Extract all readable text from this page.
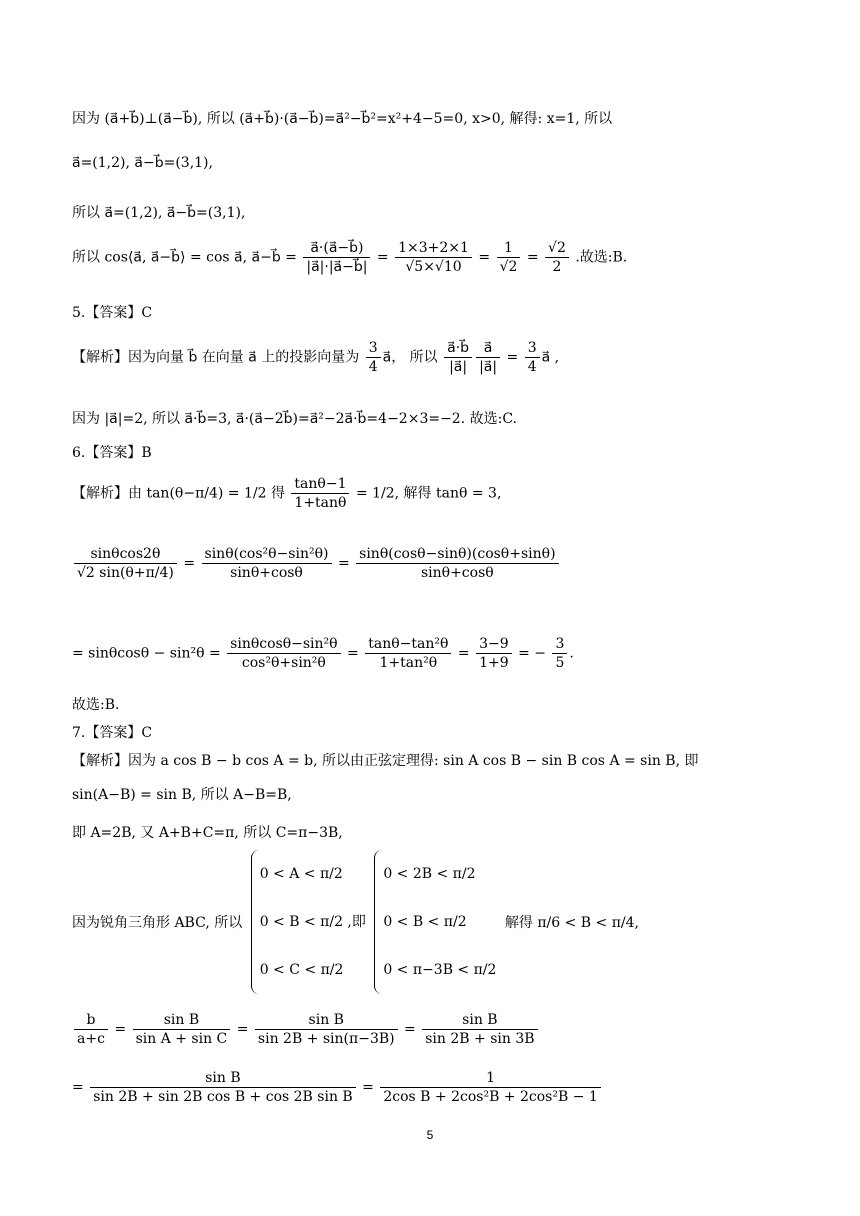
因为 (a⃗+b⃗)⊥(a⃗−b⃗), 所以 (a⃗+b⃗)·(a⃗−b⃗)=a⃗²−b⃗²=x²+4−5=0, x>0, 解得: x=1, 所以
a⃗=(1,2), a⃗−b⃗=(3,1),
所以 a⃗=(1,2), a⃗−b⃗=(3,1),
所以 cos⟨a⃗, a⃗−b⃗⟩ = cos a⃗, a⃗−b⃗ = $\frac{a⃗\cdot(a⃗-b⃗)}{|a⃗|\cdot|a⃗-b⃗|} = \frac{1\times 3+2\times 1}{√5\times√10} = \frac{1}{√2} = \frac{√2}{2}$ .故选:B.
5.【答案】C
【解析】因为向量 b⃗ 在向量 a⃗ 上的投影向量为 $\frac{3}{4}$ a⃗， 所以 $\frac{a⃗\cdot b⃗}{|a⃗|} \frac{a⃗}{|a⃗|} = \frac{3}{4}$ a⃗ ,
因为 |a⃗|=2, 所以 a⃗·b⃗=3, a⃗·(a⃗−2b⃗)=a⃗²−2a⃗·b⃗=4−2×3=−2. 故选:C.
6.【答案】B
【解析】由 tan(θ−π/4) = 1/2 得 $\frac{\tan\theta-1}{1+\tan\theta} = 1/2$, 解得 tanθ = 3,
$\frac{\sin\theta\cos 2\theta}{√2 \sin(\theta+\pi/4)} = \frac{\text{sinθ(cos²θ−sin²θ)}}{\sin\theta+\cos\theta} = \frac{\sin\theta(\cos\theta-\sin\theta)(\cos\theta+\sin\theta)}{\sin\theta+\cos\theta}$
= $\sin\theta\cos\theta - \sin^2\theta = \frac{\text{sinθcosθ−sin²θ}}{\text{cos²θ+sin²θ}} = \frac{\text{tanθ−tan²θ}}{\text{1+tan²θ}} = \frac{3-9}{1+9}$ = − $\frac{3}{5}$ .
故选:B.
7.【答案】C
【解析】因为 a cos B − b cos A = b, 所以由正弦定理得: sin A cos B − sin B cos A = sin B, 即
sin(A−B) = sin B, 所以 A−B=B,
即 A=2B, 又 A+B+C=π, 所以 C=π−3B,
因为锐角三角形 ABC, 所以
0 < A < π/2
0 < B < π/2
0 < C < π/2
,即
0 < 2B < π/2
0 < B < π/2
0 < π−3B < π/2
解得 π/6 < B < π/4,
$\frac{b}{a+c} = \frac{\text{sin B}}{\text{sin A + sin C}} = \frac{\text{sin B}}{\sin 2B + \sin(\pi-3B)} = \frac{\text{sin B}}{\sin 2B + \sin 3B}$
= $\frac{\text{sin B}}{\text{sin 2B + sin 2B cos B + cos 2B sin B}} = \frac{1}{\text{2cos B + 2cos²B + 2cos²B − 1}}$
5
